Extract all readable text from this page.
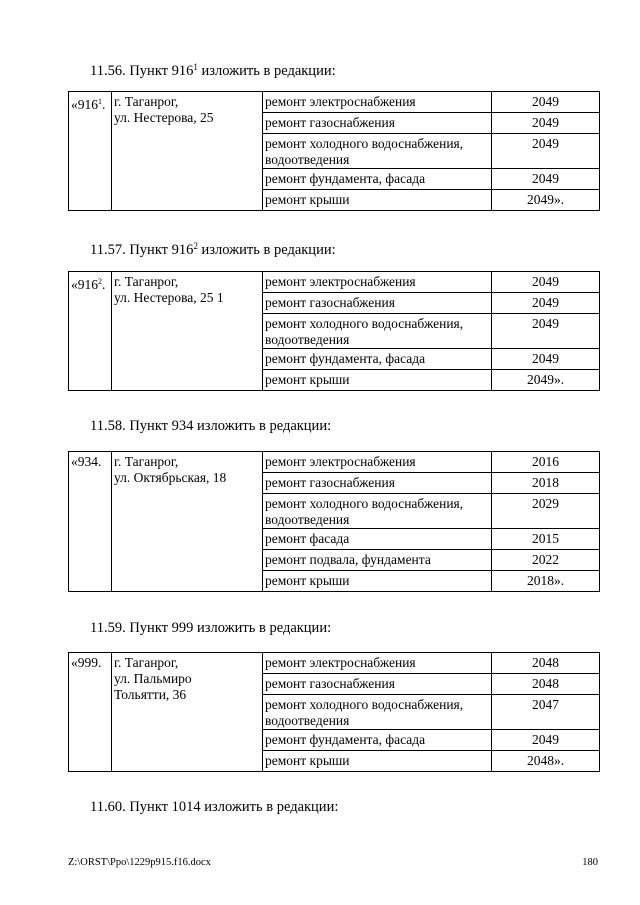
11.56. Пункт $916^1$ изложить в редакции:
«$916^1$.	г. Таганрог,
ул. Нестерова, 25	ремонт электроснабжения	2049

		ремонт газоснабжения	2049

		ремонт холодного водоснабжения, водоотведения	2049

		ремонт фундамента, фасада	2049

		ремонт крыши	2049».
11.57. Пункт $916^2$ изложить в редакции:
«$916^2$.	г. Таганрог,
ул. Нестерова, 25 1	ремонт электроснабжения	2049

		ремонт газоснабжения	2049

		ремонт холодного водоснабжения, водоотведения	2049

		ремонт фундамента, фасада	2049

		ремонт крыши	2049».
11.58. Пункт 934 изложить в редакции:
«934.	г. Таганрог,
ул. Октябрьская, 18	ремонт электроснабжения	2016

		ремонт газоснабжения	2018

		ремонт холодного водоснабжения, водоотведения	2029

		ремонт фасада	2015

		ремонт подвала, фундамента	2022

		ремонт крыши	2018».
11.59. Пункт 999 изложить в редакции:
«999.	г. Таганрог,
ул. Пальмиро
Тольятти, 36	ремонт электроснабжения	2048

		ремонт газоснабжения	2048

		ремонт холодного водоснабжения, водоотведения	2047

		ремонт фундамента, фасада	2049

		ремонт крыши	2048».
11.60. Пункт 1014 изложить в редакции:
Z:\ORST\Ppo\1229p915.f16.docx	180
